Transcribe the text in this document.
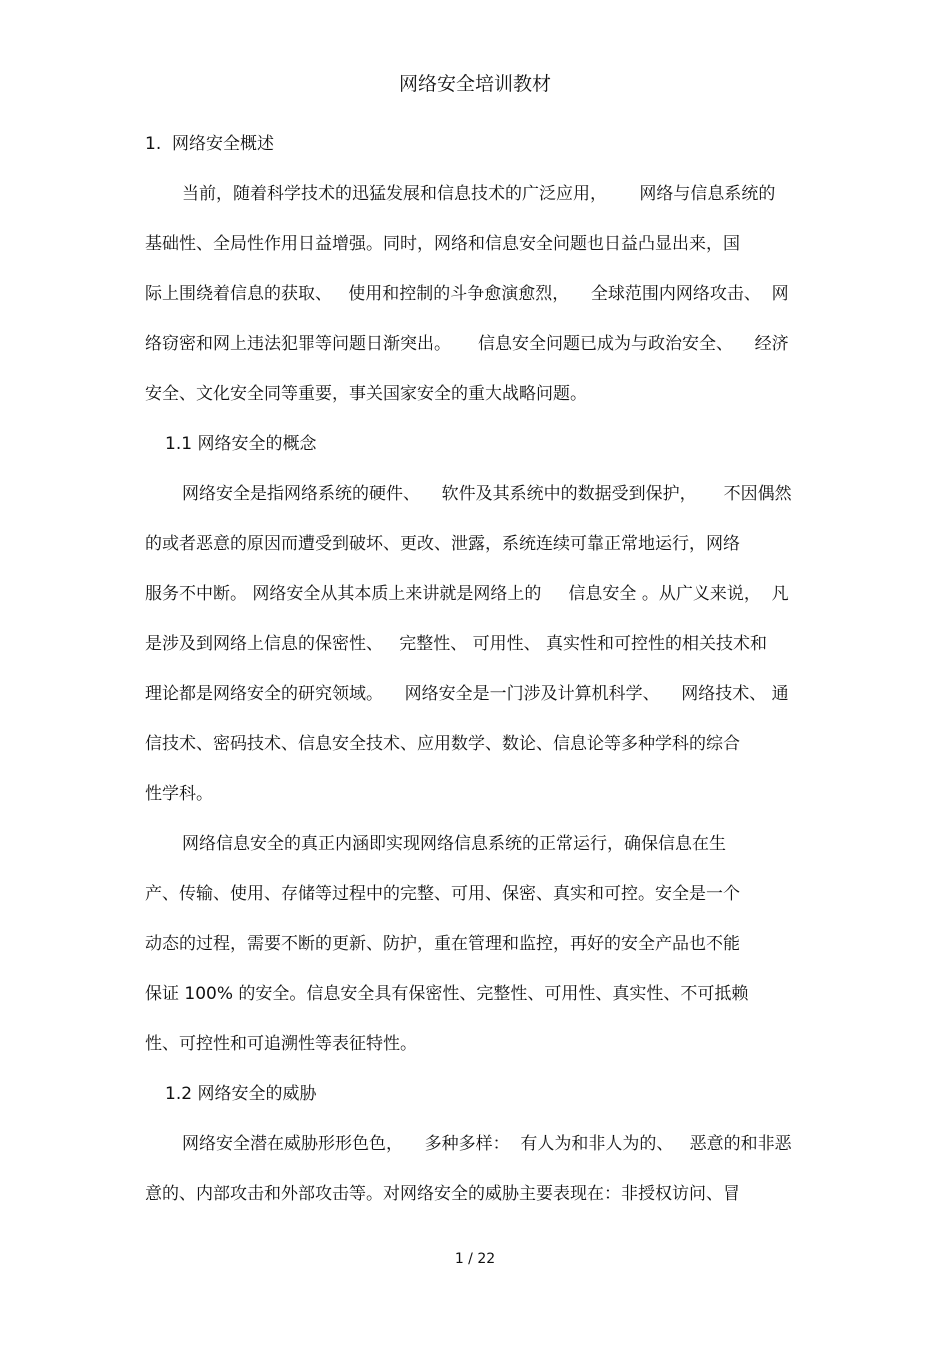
网络安全培训教材
1.  网络安全概述
当前，随着科学技术的迅猛发展和信息技术的广泛应用，      网络与信息系统的
基础性、全局性作用日益增强。同时，网络和信息安全问题也日益凸显出来，国
际上围绕着信息的获取、   使用和控制的斗争愈演愈烈，    全球范围内网络攻击、  网
络窃密和网上违法犯罪等问题日渐突出。     信息安全问题已成为与政治安全、    经济
安全、文化安全同等重要，事关国家安全的重大战略问题。
1.1 网络安全的概念
网络安全是指网络系统的硬件、    软件及其系统中的数据受到保护，     不因偶然
的或者恶意的原因而遭受到破坏、更改、泄露，系统连续可靠正常地运行，网络
服务不中断。 网络安全从其本质上来讲就是网络上的     信息安全 。从广义来说，  凡
是涉及到网络上信息的保密性、   完整性、 可用性、 真实性和可控性的相关技术和
理论都是网络安全的研究领域。    网络安全是一门涉及计算机科学、    网络技术、 通
信技术、密码技术、信息安全技术、应用数学、数论、信息论等多种学科的综合
性学科。
网络信息安全的真正内涵即实现网络信息系统的正常运行，确保信息在生
产、传输、使用、存储等过程中的完整、可用、保密、真实和可控。安全是一个
动态的过程，需要不断的更新、防护，重在管理和监控，再好的安全产品也不能
保证 100% 的安全。信息安全具有保密性、完整性、可用性、真实性、不可抵赖
性、可控性和可追溯性等表征特性。
1.2 网络安全的威胁
网络安全潜在威胁形形色色，    多种多样：  有人为和非人为的、   恶意的和非恶
意的、内部攻击和外部攻击等。对网络安全的威胁主要表现在：非授权访问、冒
1 / 22
